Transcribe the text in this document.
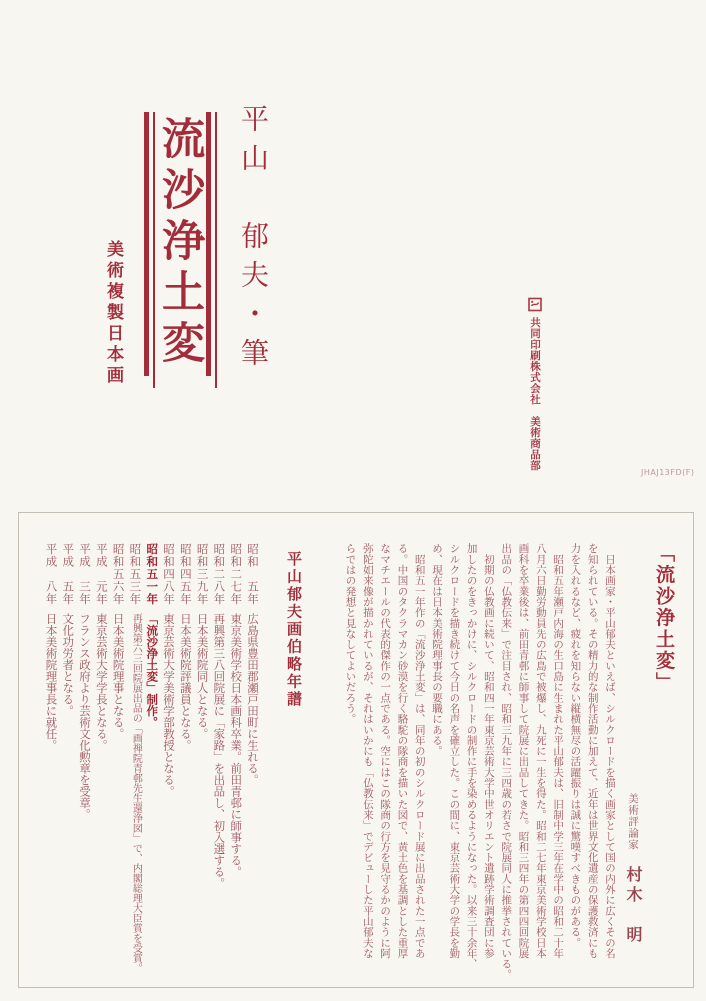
平山　郁夫・筆
流沙浄土変
美術複製日本画
共同印刷株式会社　美術商品部
JHAJ13FD(F)
「流沙浄土変」
美術評論家 村木　明
　日本画家・平山郁夫といえば、シルクロードを描く画家として国の内外に広くその名
を知られている。その精力的な制作活動に加えて、近年は世界文化遺産の保護救済にも
力を入れるなど、疲れを知らない縦横無尽の活躍振りは誠に驚嘆すべきものがある。
　昭和五年瀬戸内海の生口島に生まれた平山郁夫は、旧制中学三年在学中の昭和二十年
八月六日勤労動員先の広島で被爆し、九死に一生を得た。昭和二七年東京美術学校日本
画科を卒業後は、前田青邨に師事して院展に出品してきた。昭和三四年の第四四回院展
出品の「仏教伝来」で注目され、昭和三九年に三四歳の若さで院展同人に推挙されている。
　初期の仏教画に続いて、昭和四一年東京芸術大学中世オリエント遺跡学術調査団に参
加したのをきっかけに、シルクロードの制作に手を染めるようになった。以来三十余年、
シルクロードを描き続けて今日の名声を確立した。この間に、東京芸術大学の学長を勤
め、現在は日本美術院理事長の要職にある。
　昭和五一年作の「流沙浄土変」は、同年の初のシルクロード展に出品された一点であ
る。中国のタクラマカン砂漠を行く駱駝の隊商を描いた図で、黄土色を基調とした重厚
なマチエールの代表的傑作の一点である。空にはこの隊商の行方を見守るかのように阿
弥陀如来像が描かれているが、それはいかにも「仏教伝来」でデビューした平山郁夫な
らではの発想と見なしてよいだろう。
平山郁夫画伯略年譜
昭和　五年広島県豊田郡瀬戸田町に生れる。
昭和二七年東京美術学校日本画科卒業。前田青邨に師事する。
昭和二八年再興第三八回院展に「家路」を出品し、初入選する。
昭和三九年日本美術院同人となる。
昭和四五年日本美術院評議員となる。
昭和四八年東京芸術大学美術学部教授となる。
昭和五一年「流沙浄土変」制作。
昭和五三年再興第六三回院展出品の「画禅院青邨先生還浄図」で、内閣総理大臣賞を受賞。
昭和五六年日本美術院理事となる。
平成　元年東京芸術大学学長となる。
平成　三年フランス政府より芸術文化勲章を受章。
平成　五年文化功労者となる。
平成　八年日本美術院理事長に就任。
